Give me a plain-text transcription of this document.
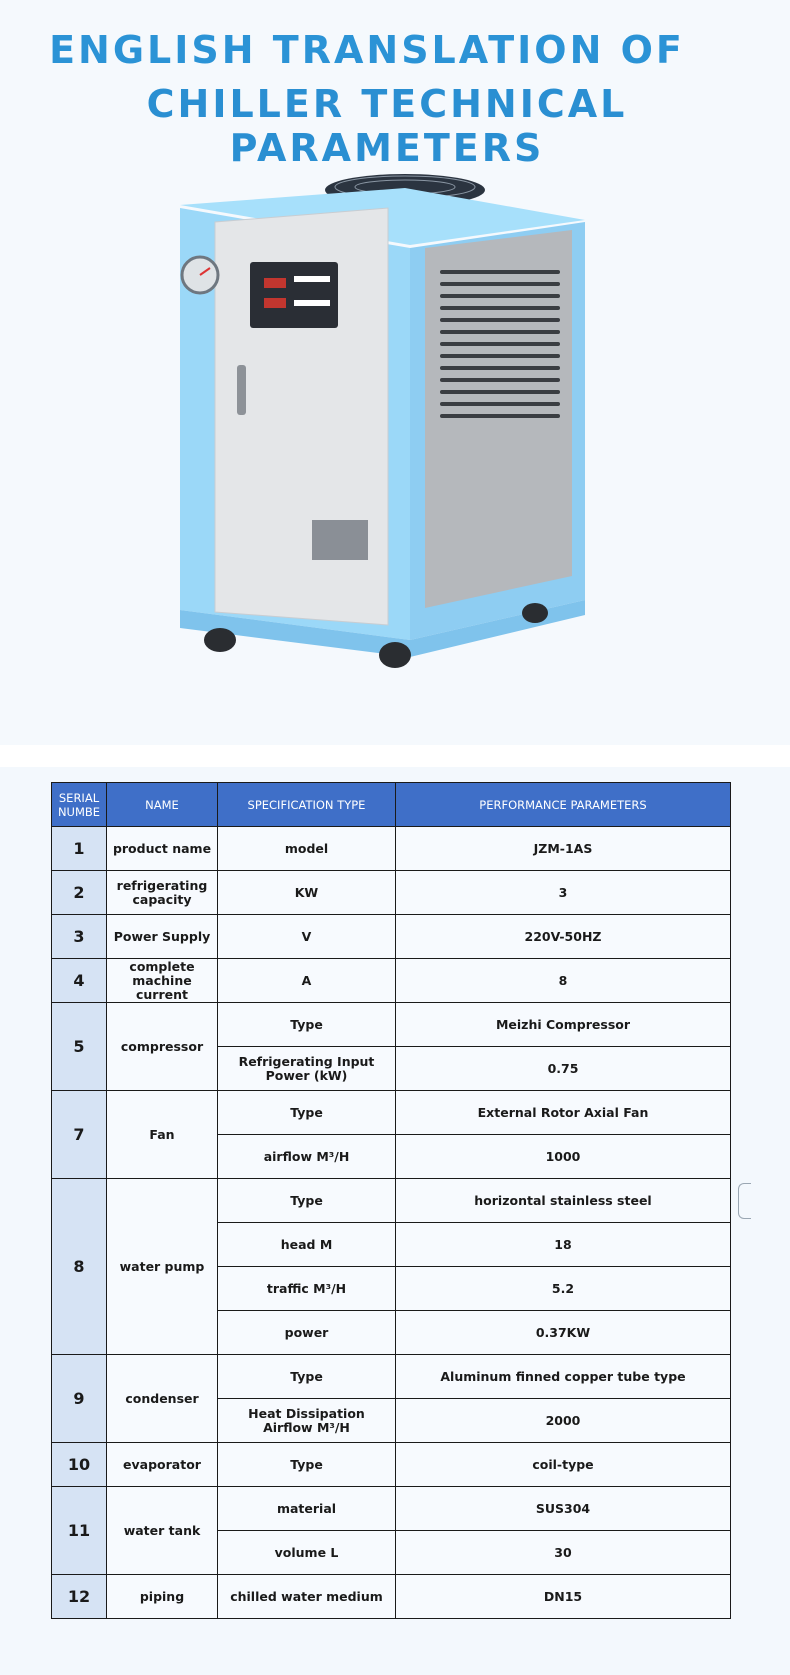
ENGLISH TRANSLATION OF
CHILLER TECHNICAL PARAMETERS
SERIAL NUMBE	NAME	SPECIFICATION TYPE	PERFORMANCE PARAMETERS
1	product name	model	JZM-1AS
2	refrigerating capacity	KW	3
3	Power Supply	V	220V-50HZ
4	complete machine current	A	8
5	compressor	Type	Meizhi Compressor
		Refrigerating Input Power (kW)	0.75
7	Fan	Type	External Rotor Axial Fan
		airflow M³/H	1000
8	water pump	Type	horizontal stainless steel
		head M	18
		traffic M³/H	5.2
		power	0.37KW
9	condenser	Type	Aluminum finned copper tube type
		Heat Dissipation Airflow M³/H	2000
10	evaporator	Type	coil-type
11	water tank	material	SUS304
		volume L	30
12	piping	chilled water medium	DN15
